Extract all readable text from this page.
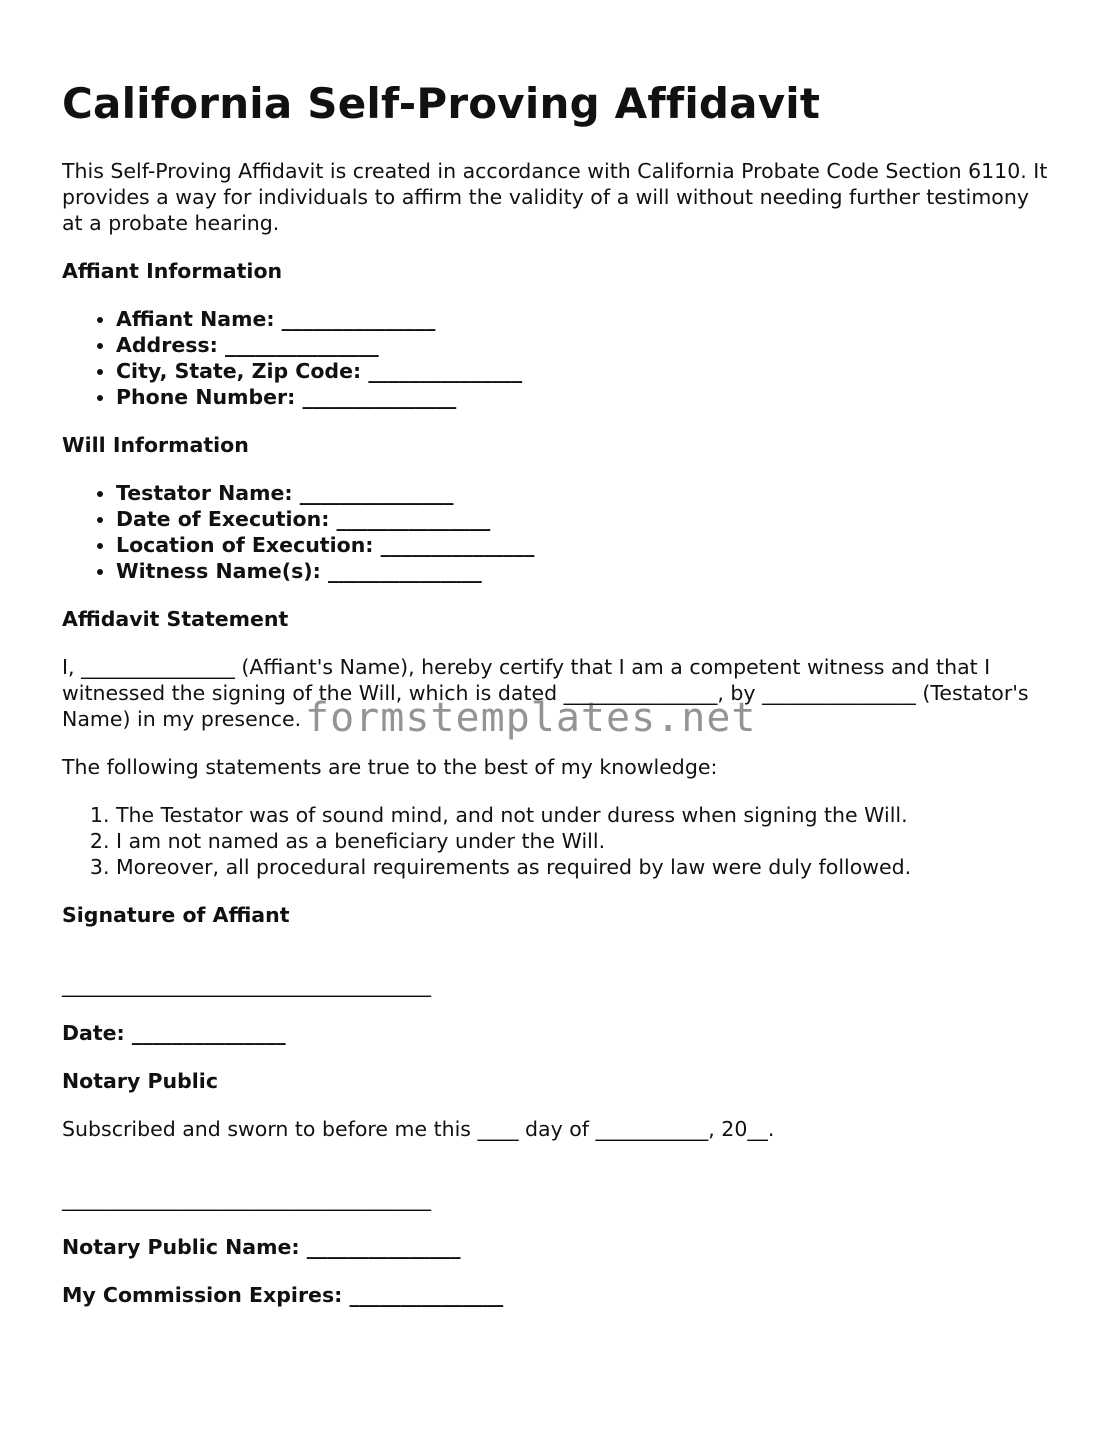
California Self-Proving Affidavit

This Self-Proving Affidavit is created in accordance with California Probate Code Section 6110. It provides a way for individuals to affirm the validity of a will without needing further testimony at a probate hearing.

Affiant Information
• Affiant Name: _______________
• Address: _______________
• City, State, Zip Code: _______________
• Phone Number: _______________
Will Information
• Testator Name: _______________
• Date of Execution: _______________
• Location of Execution: _______________
• Witness Name(s): _______________
Affidavit Statement

I, _______________ (Affiant's Name), hereby certify that I am a competent witness and that I witnessed the signing of the Will, which is dated _______________, by _______________ (Testator's Name) in my presence.

The following statements are true to the best of my knowledge:

1. The Testator was of sound mind, and not under duress when signing the Will.
2. I am not named as a beneficiary under the Will.
3. Moreover, all procedural requirements as required by law were duly followed.
Signature of Affiant
____________________________________
Date: _______________
Notary Public

Subscribed and sworn to before me this ____ day of ___________, 20__.

____________________________________
Notary Public Name: _______________
My Commission Expires: _______________
formstemplates.net
